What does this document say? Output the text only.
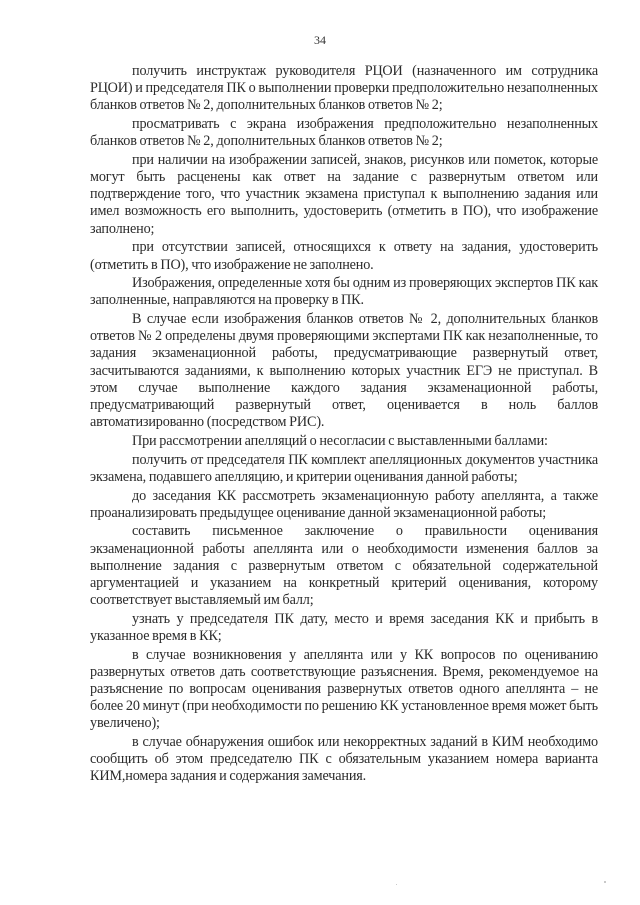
34

получить инструктаж руководителя РЦОИ (назначенного им сотрудника РЦОИ) и председателя ПК о выполнении проверки предположительно незаполненных бланков ответов № 2, дополнительных бланков ответов № 2;

просматривать с экрана изображения предположительно незаполненных бланков ответов № 2, дополнительных бланков ответов № 2;

при наличии на изображении записей, знаков, рисунков или пометок, которые могут быть расценены как ответ на задание с развернутым ответом или подтверждение того, что участник экзамена приступал к выполнению задания или имел возможность его выполнить, удостоверить (отметить в ПО), что изображение заполнено;

при отсутствии записей, относящихся к ответу на задания, удостоверить (отметить в ПО), что изображение не заполнено.

Изображения, определенные хотя бы одним из проверяющих экспертов ПК как заполненные, направляются на проверку в ПК.

В случае если изображения бланков ответов № 2, дополнительных бланков ответов № 2 определены двумя проверяющими экспертами ПК как незаполненные, то задания экзаменационной работы, предусматривающие развернутый ответ, засчитываются заданиями, к выполнению которых участник ЕГЭ не приступал. В этом случае выполнение каждого задания экзаменационной работы, предусматривающий развернутый ответ, оценивается в ноль баллов автоматизированно (посредством РИС).

При рассмотрении апелляций о несогласии с выставленными баллами:

получить от председателя ПК комплект апелляционных документов участника экзамена, подавшего апелляцию, и критерии оценивания данной работы;

до заседания КК рассмотреть экзаменационную работу апеллянта, а также проанализировать предыдущее оценивание данной экзаменационной работы;

составить письменное заключение о правильности оценивания экзаменационной работы апеллянта или о необходимости изменения баллов за выполнение задания с развернутым ответом с обязательной содержательной аргументацией и указанием на конкретный критерий оценивания, которому соответствует выставляемый им балл;

узнать у председателя ПК дату, место и время заседания КК и прибыть в указанное время в КК;

в случае возникновения у апеллянта или у КК вопросов по оцениванию развернутых ответов дать соответствующие разъяснения. Время, рекомендуемое на разъяснениe по вопросам оценивания развернутых ответов одного апеллянта – не более 20 минут (при необходимости по решению КК установленное время может быть увеличено);

в случае обнаружения ошибок или некорректных заданий в КИМ необходимо сообщить об этом председателю ПК с обязательным указанием номера варианта КИМ,номера задания и содержания замечания.
